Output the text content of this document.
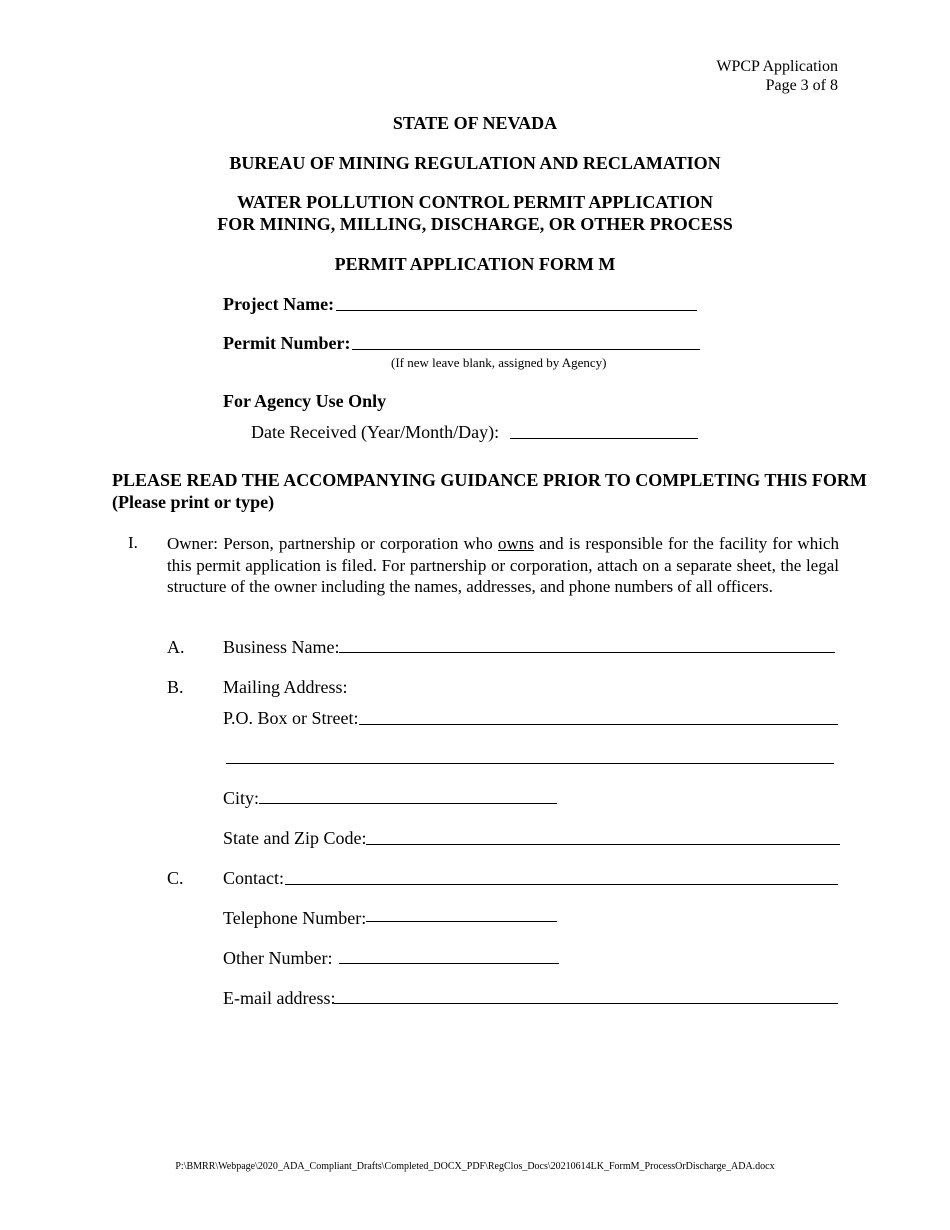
WPCP Application
Page 3 of 8
STATE OF NEVADA
BUREAU OF MINING REGULATION AND RECLAMATION
WATER POLLUTION CONTROL PERMIT APPLICATION
FOR MINING, MILLING, DISCHARGE, OR OTHER PROCESS
PERMIT APPLICATION FORM M
Project Name:
Permit Number:
(If new leave blank, assigned by Agency)
For Agency Use Only
Date Received (Year/Month/Day):
PLEASE READ THE ACCOMPANYING GUIDANCE PRIOR TO COMPLETING THIS FORM
(Please print or type)
I. Owner: Person, partnership or corporation who owns and is responsible for the facility for which this permit application is filed. For partnership or corporation, attach on a separate sheet, the legal structure of the owner including the names, addresses, and phone numbers of all officers.
A. Business Name:
B. Mailing Address:
P.O. Box or Street:
City:
State and Zip Code:
C. Contact:
Telephone Number:
Other Number:
E-mail address:
P:\BMRR\Webpage\2020_ADA_Compliant_Drafts\Completed_DOCX_PDF\RegClos_Docs\20210614LK_FormM_ProcessOrDischarge_ADA.docx
